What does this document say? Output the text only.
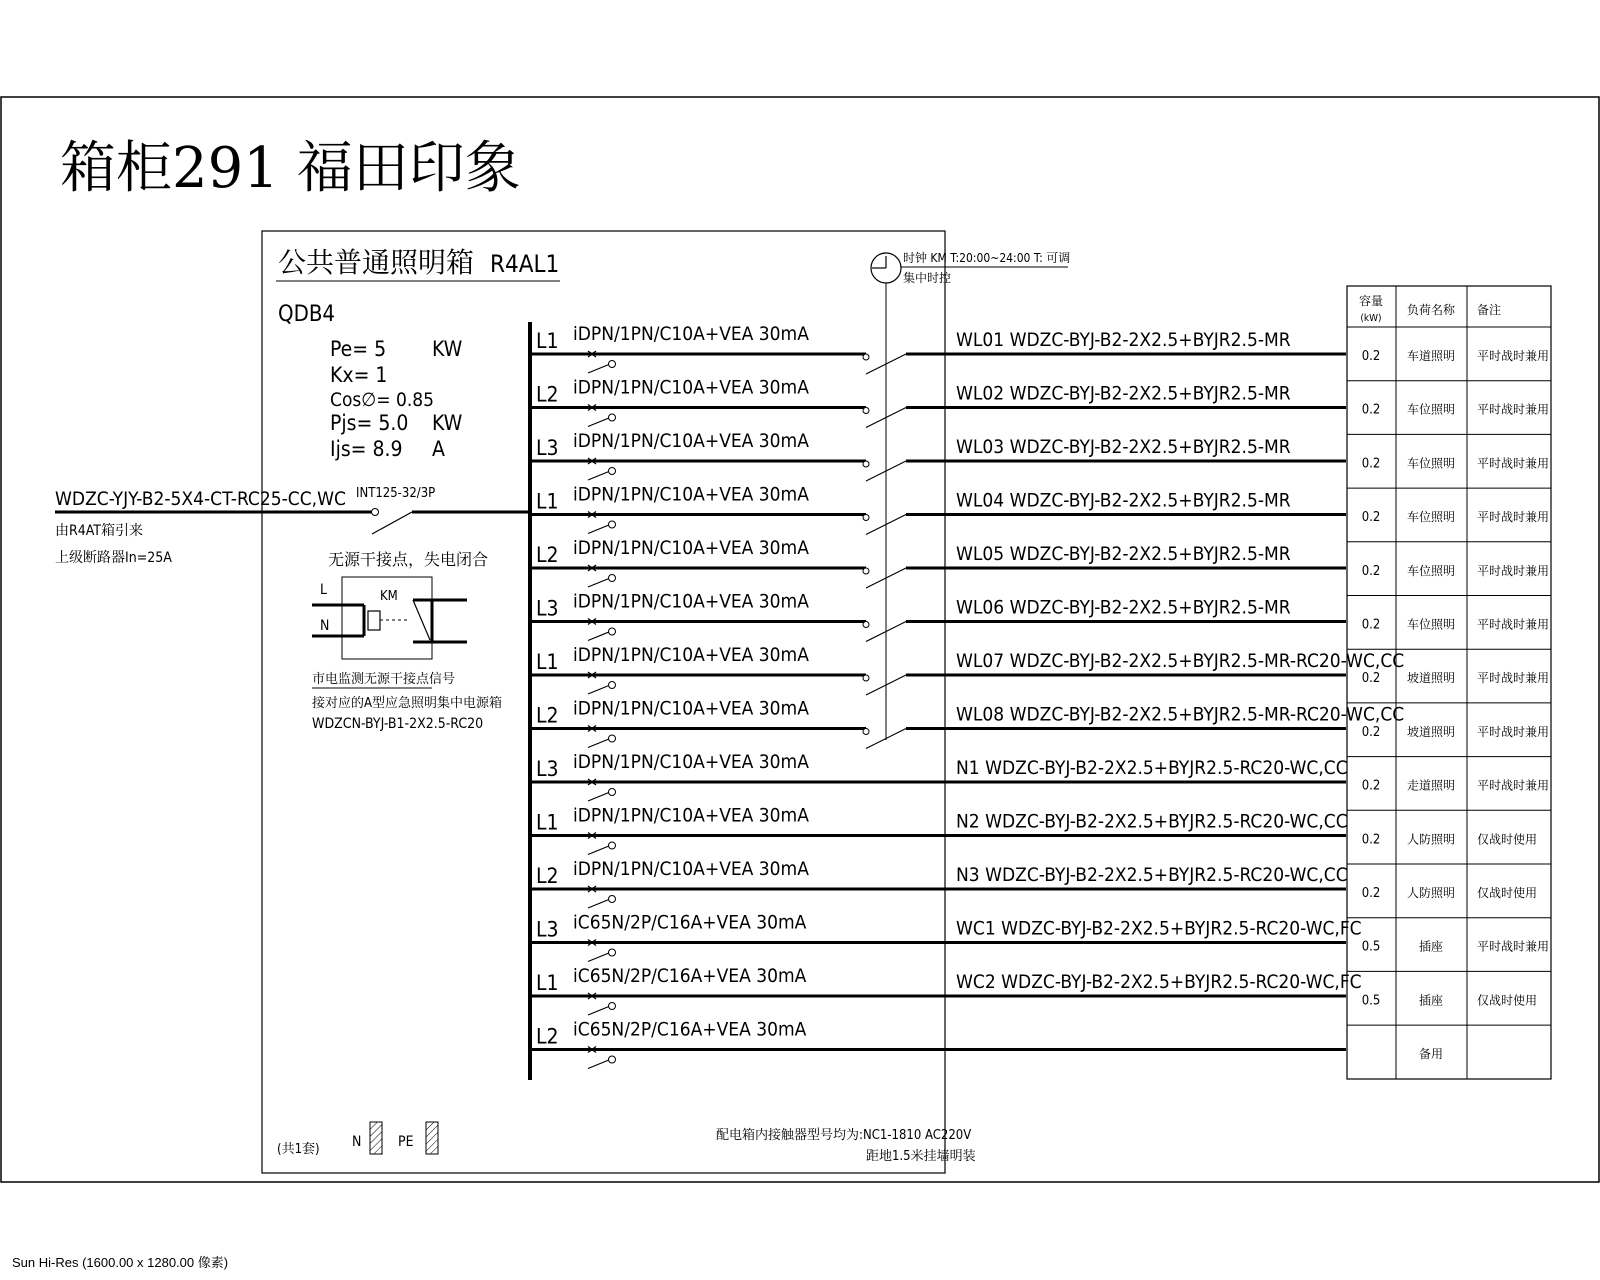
箱柜291 福田印象
公共普通照明箱 R4AL1
QDB4
Pe= 5 KW
Kx= 1
Cos∅= 0.85
Pjs= 5.0 KW
Ijs= 8.9 A
时钟 KM T:20:00~24:00 T: 可调
集中时控
WDZC-YJY-B2-5X4-CT-RC25-CC,WC INT125-32/3P
由R4AT箱引来
上级断路器In=25A	无源干接点，失电闭合
L
N
KM
市电监测无源干接点信号
接对应的A型应急照明集中电源箱
WDZCN-BYJ-B1-2X2.5-RC20
L1 iDPN/1PN/C10A+VEA 30mA	WL01 WDZC-BYJ-B2-2X2.5+BYJR2.5-MR
L2 iDPN/1PN/C10A+VEA 30mA	WL02 WDZC-BYJ-B2-2X2.5+BYJR2.5-MR
L3 iDPN/1PN/C10A+VEA 30mA	WL03 WDZC-BYJ-B2-2X2.5+BYJR2.5-MR
L1 iDPN/1PN/C10A+VEA 30mA	WL04 WDZC-BYJ-B2-2X2.5+BYJR2.5-MR
L2 iDPN/1PN/C10A+VEA 30mA	WL05 WDZC-BYJ-B2-2X2.5+BYJR2.5-MR
L3 iDPN/1PN/C10A+VEA 30mA	WL06 WDZC-BYJ-B2-2X2.5+BYJR2.5-MR
L1 iDPN/1PN/C10A+VEA 30mA	WL07 WDZC-BYJ-B2-2X2.5+BYJR2.5-MR-RC20-WC,CC
L2 iDPN/1PN/C10A+VEA 30mA	WL08 WDZC-BYJ-B2-2X2.5+BYJR2.5-MR-RC20-WC,CC
L3 iDPN/1PN/C10A+VEA 30mA	N1 WDZC-BYJ-B2-2X2.5+BYJR2.5-RC20-WC,CC
L1 iDPN/1PN/C10A+VEA 30mA	N2 WDZC-BYJ-B2-2X2.5+BYJR2.5-RC20-WC,CC
L2 iDPN/1PN/C10A+VEA 30mA	N3 WDZC-BYJ-B2-2X2.5+BYJR2.5-RC20-WC,CC
L3 iC65N/2P/C16A+VEA 30mA	WC1 WDZC-BYJ-B2-2X2.5+BYJR2.5-RC20-WC,FC
L1 iC65N/2P/C16A+VEA 30mA	WC2 WDZC-BYJ-B2-2X2.5+BYJR2.5-RC20-WC,FC
L2 iC65N/2P/C16A+VEA 30mA
容量
(kW)
负荷名称 备注
0.2 车道照明 平时战时兼用
0.2 车位照明 平时战时兼用
0.2 车位照明 平时战时兼用
0.2 车位照明 平时战时兼用
0.2 车位照明 平时战时兼用
0.2 车位照明 平时战时兼用
0.2 坡道照明 平时战时兼用
0.2 坡道照明 平时战时兼用
0.2 走道照明 平时战时兼用
0.2 人防照明 仅战时使用
0.2 人防照明 仅战时使用
0.5	插座	平时战时兼用
0.5	插座	仅战时使用
备用
(共1套) N	PE	配电箱内接触器型号均为:NC1-1810 AC220V
距地1.5米挂墙明装
Sun Hi-Res (1600.00 x 1280.00 像素)
